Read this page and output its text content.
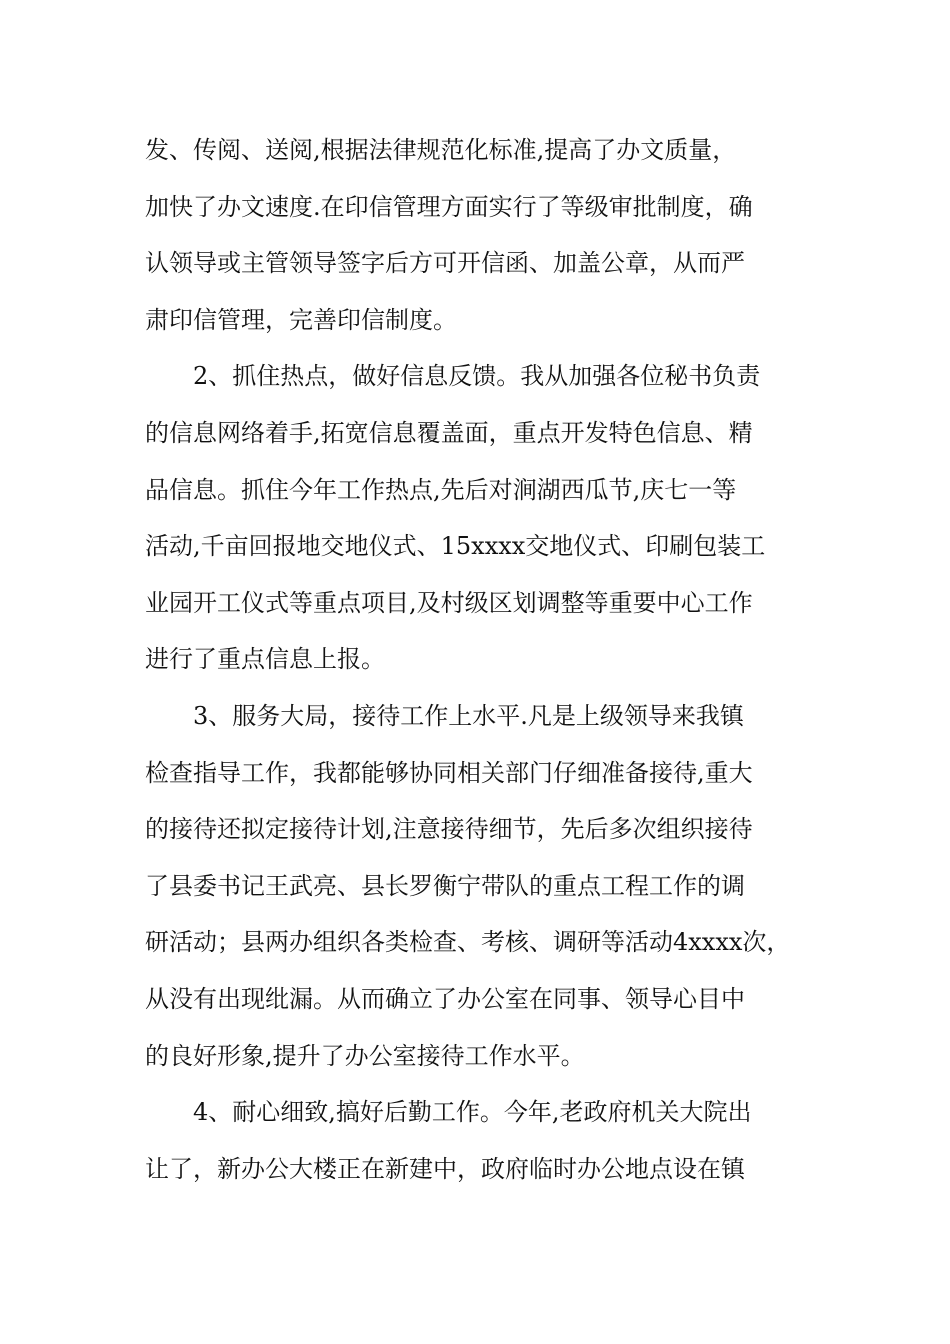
发、传阅、送阅,根据法律规范化标准,提高了办文质量，
加快了办文速度.在印信管理方面实行了等级审批制度，确
认领导或主管领导签字后方可开信函、加盖公章，从而严
肃印信管理，完善印信制度。
2、抓住热点，做好信息反馈。我从加强各位秘书负责
的信息网络着手,拓宽信息覆盖面，重点开发特色信息、精
品信息。抓住今年工作热点,先后对涧湖西瓜节,庆七一等
活动,千亩回报地交地仪式、15xxxx交地仪式、印刷包装工
业园开工仪式等重点项目,及村级区划调整等重要中心工作
进行了重点信息上报。
3、服务大局，接待工作上水平.凡是上级领导来我镇
检查指导工作，我都能够协同相关部门仔细准备接待,重大
的接待还拟定接待计划,注意接待细节，先后多次组织接待
了县委书记王武亮、县长罗衡宁带队的重点工程工作的调
研活动；县两办组织各类检查、考核、调研等活动4xxxx次，
从没有出现纰漏。从而确立了办公室在同事、领导心目中
的良好形象,提升了办公室接待工作水平。
4、耐心细致,搞好后勤工作。今年,老政府机关大院出
让了，新办公大楼正在新建中，政府临时办公地点设在镇
